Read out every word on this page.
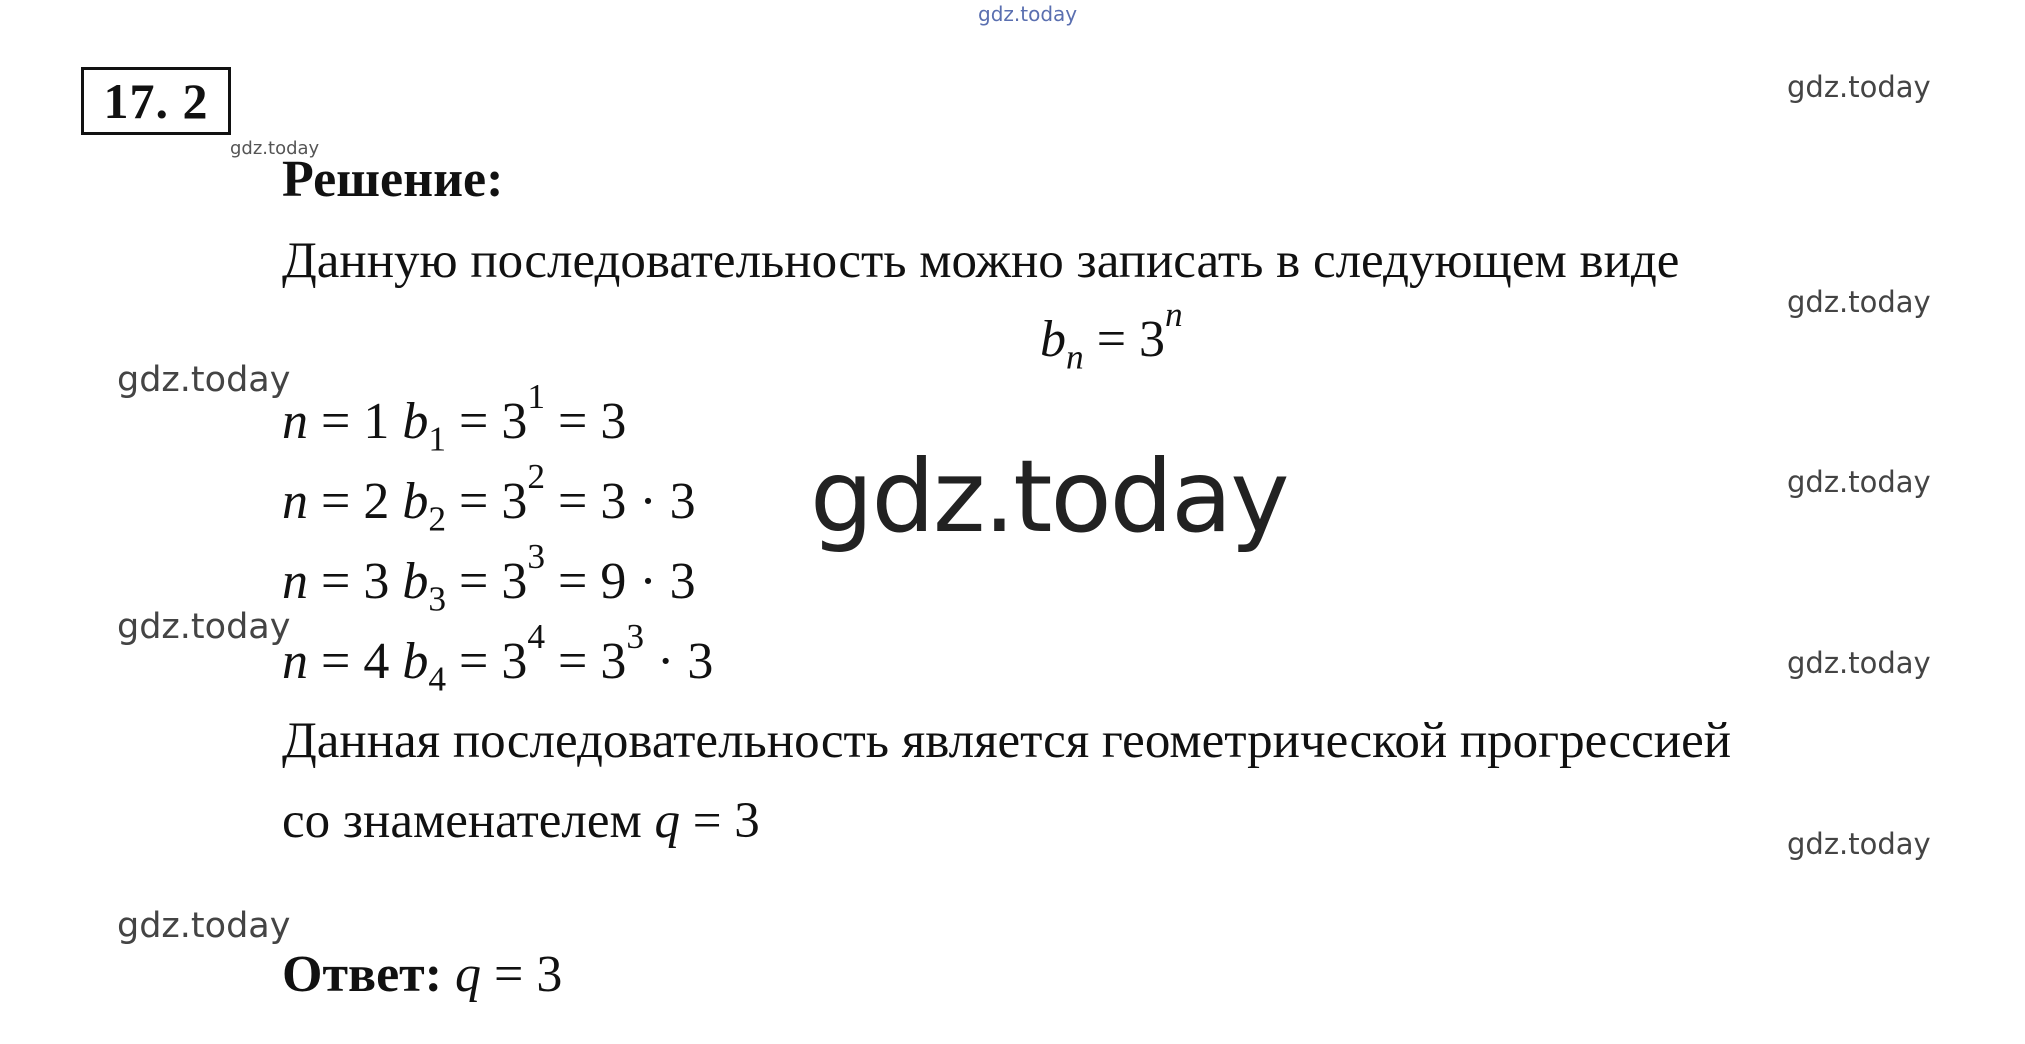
gdz.today
gdz.today
gdz.today
gdz.today
gdz.today
gdz.today
gdz.today
gdz.today
gdz.today
gdz.today
17. 2
Решение:
Данную последовательность можно записать в следующем виде
$b_n = 3^n$
n = 1 $b_1 = 3^1 = 3$
n = 2 $b_2 = 3^2 = 3 \cdot 3$
n = 3 $b_3 = 3^3 = 9 \cdot 3$
n = 4 $b_4 = 3^4 = 3^3 \cdot 3$
gdz.today
Данная последовательность является геометрической прогрессией
со знаменателем q = 3
Ответ: q = 3
